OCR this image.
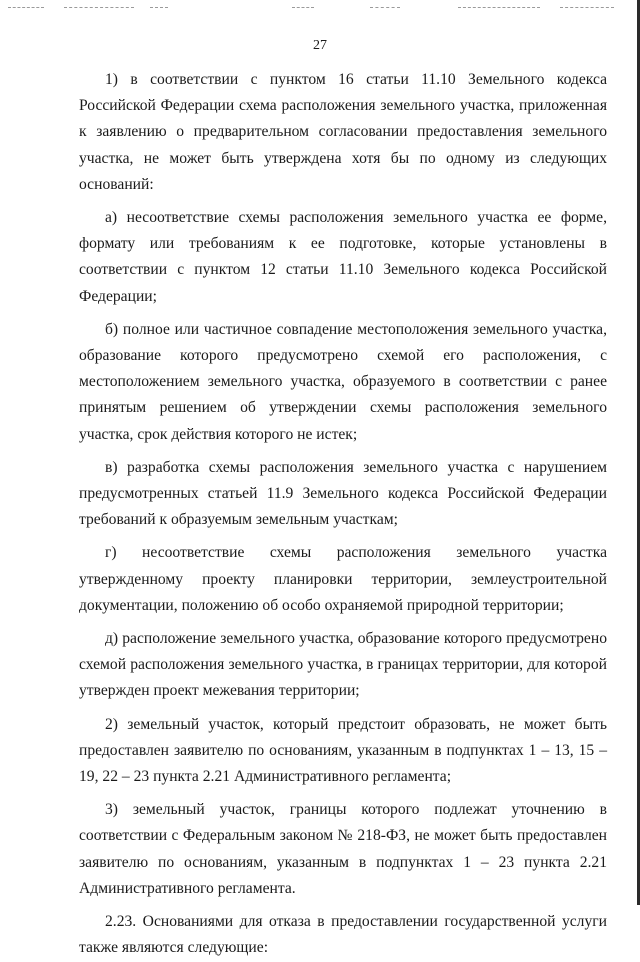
27

1) в соответствии с пунктом 16 статьи 11.10 Земельного кодекса Российской Федерации схема расположения земельного участка, приложенная к заявлению о предварительном согласовании предоставления земельного участка, не может быть утверждена хотя бы по одному из следующих оснований:

а) несоответствие схемы расположения земельного участка ее форме, формату или требованиям к ее подготовке, которые установлены в соответствии с пунктом 12 статьи 11.10 Земельного кодекса Российской Федерации;

б) полное или частичное совпадение местоположения земельного участка, образование которого предусмотрено схемой его расположения, с местоположением земельного участка, образуемого в соответствии с ранее принятым решением об утверждении схемы расположения земельного участка, срок действия которого не истек;

в) разработка схемы расположения земельного участка с нарушением предусмотренных статьей 11.9 Земельного кодекса Российской Федерации требований к образуемым земельным участкам;

г) несоответствие схемы расположения земельного участка утвержденному проекту планировки территории, землеустроительной документации, положению об особо охраняемой природной территории;

д) расположение земельного участка, образование которого предусмотрено схемой расположения земельного участка, в границах территории, для которой утвержден проект межевания территории;

2) земельный участок, который предстоит образовать, не может быть предоставлен заявителю по основаниям, указанным в подпунктах 1 – 13, 15 – 19, 22 – 23 пункта 2.21 Административного регламента;

3) земельный участок, границы которого подлежат уточнению в соответствии с Федеральным законом № 218-ФЗ, не может быть предоставлен заявителю по основаниям, указанным в подпунктах 1 – 23 пункта 2.21 Административного регламента.

2.23. Основаниями для отказа в предоставлении государственной услуги также являются следующие:
